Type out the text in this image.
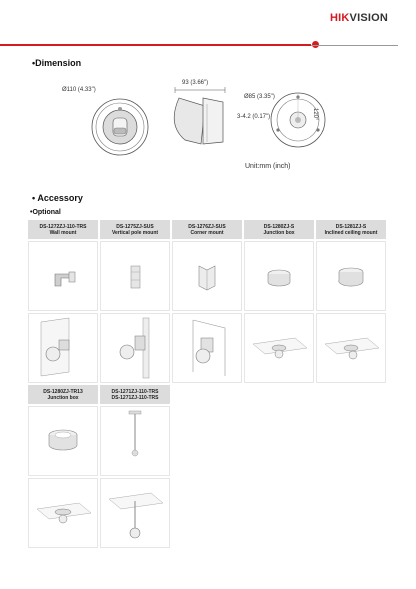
HIKVISION
•Dimension
Ø110 (4.33")
93 (3.66")
Ø85 (3.35")
3-4.2 (0.17")	120°
Unit:mm (inch)
• Accessory
•Optional
DS-1272ZJ-110-TRS
Wall mount
DS-1275ZJ-SUS
Vertical pole mount
DS-1276ZJ-SUS
Corner mount
DS-1280ZJ-S
Junction box
DS-1281ZJ-S
Inclined ceiling mount
DS-1280ZJ-TR13
Junction box
DS-1271ZJ-110-TRS
DS-1271ZJ-110-TRS
